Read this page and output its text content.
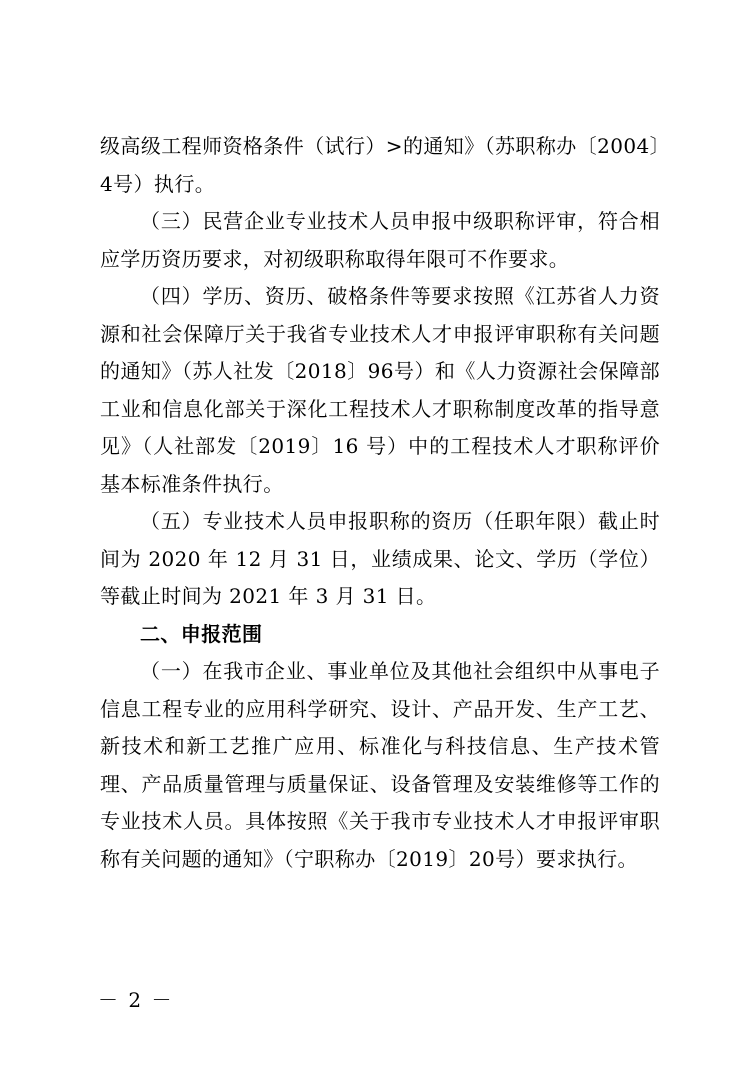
级高级工程师资格条件（试行）>的通知》（苏职称办〔2004〕4号）执行。

（三）民营企业专业技术人员申报中级职称评审，符合相应学历资历要求，对初级职称取得年限可不作要求。

（四）学历、资历、破格条件等要求按照《江苏省人力资源和社会保障厅关于我省专业技术人才申报评审职称有关问题的通知》（苏人社发〔2018〕96号）和《人力资源社会保障部工业和信息化部关于深化工程技术人才职称制度改革的指导意见》（人社部发〔2019〕16 号）中的工程技术人才职称评价基本标准条件执行。

（五）专业技术人员申报职称的资历（任职年限）截止时间为 2020 年 12 月 31 日，业绩成果、论文、学历（学位）等截止时间为 2021 年 3 月 31 日。

二、申报范围

（一）在我市企业、事业单位及其他社会组织中从事电子信息工程专业的应用科学研究、设计、产品开发、生产工艺、新技术和新工艺推广应用、标准化与科技信息、生产技术管理、产品质量管理与质量保证、设备管理及安装维修等工作的专业技术人员。具体按照《关于我市专业技术人才申报评审职称有关问题的通知》（宁职称办〔2019〕20号）要求执行。

－ 2 －
